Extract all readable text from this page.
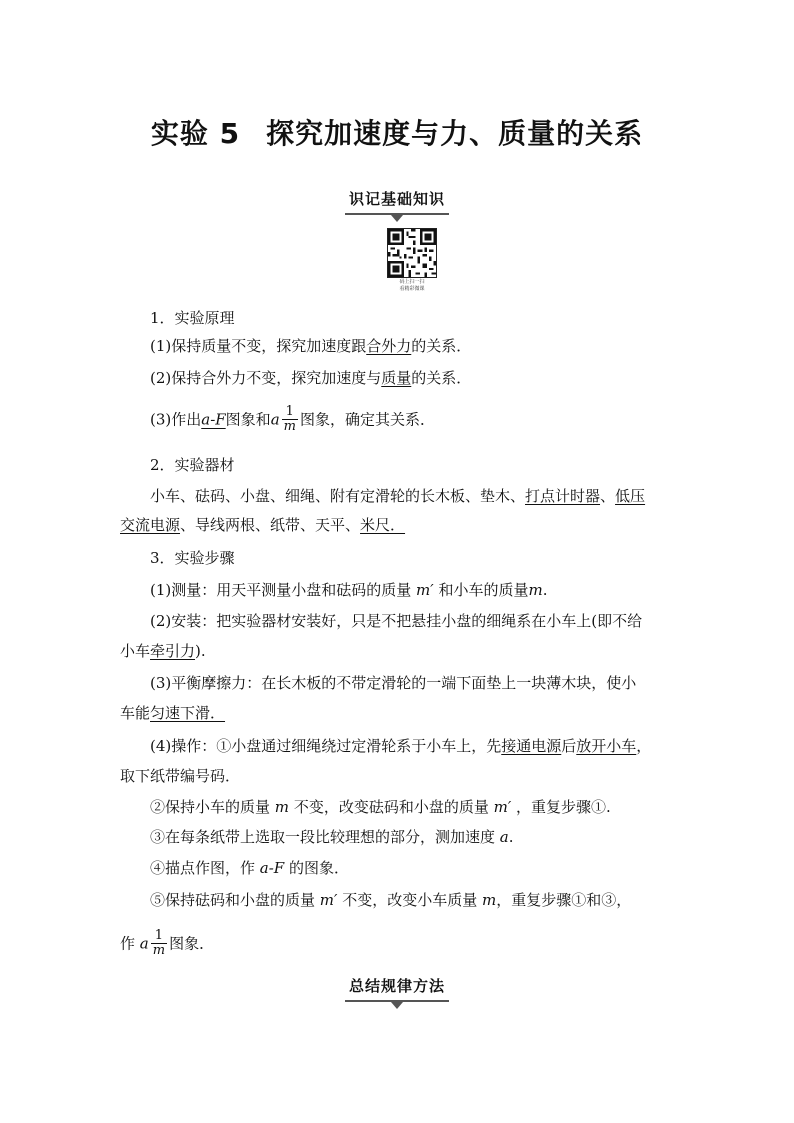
实验 5 探究加速度与力、质量的关系
识记基础知识
码上扫一扫
看精彩微课
1．实验原理
(1)保持质量不变，探究加速度跟合外力的关系．
(2)保持合外力不变，探究加速度与质量的关系．
(3)作出a-F图象和a $\frac{1}{m}$ 图象，确定其关系．
2．实验器材
小车、砝码、小盘、细绳、附有定滑轮的长木板、垫木、打点计时器、低压
交流电源、导线两根、纸带、天平、米尺．
3．实验步骤
(1)测量：用天平测量小盘和砝码的质量 m′ 和小车的质量m.
(2)安装：把实验器材安装好，只是不把悬挂小盘的细绳系在小车上(即不给
小车牵引力).
(3)平衡摩擦力：在长木板的不带定滑轮的一端下面垫上一块薄木块，使小
车能匀速下滑．
(4)操作：①小盘通过细绳绕过定滑轮系于小车上，先接通电源后放开小车，
取下纸带编号码．
②保持小车的质量 m 不变，改变砝码和小盘的质量 m′ ，重复步骤①.
③在每条纸带上选取一段比较理想的部分，测加速度 a.
④描点作图，作 a-F 的图象．
⑤保持砝码和小盘的质量 m′ 不变，改变小车质量 m，重复步骤①和③，
作 a $\frac{1}{m}$ 图象．
总结规律方法
